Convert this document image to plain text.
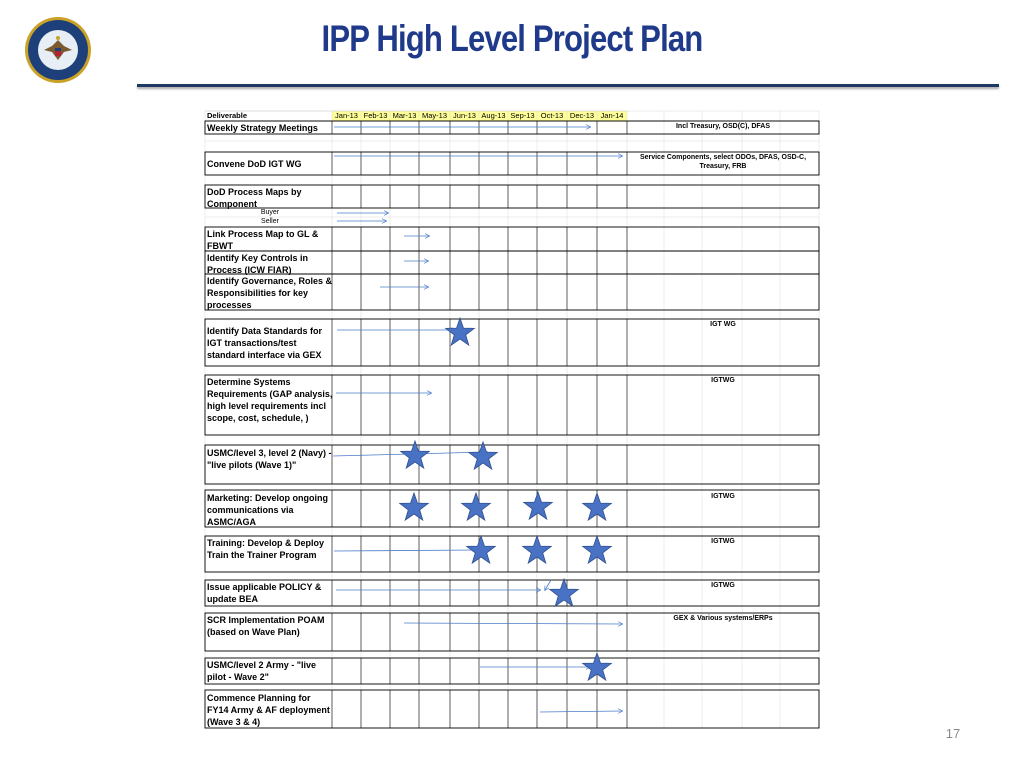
IPP High Level Project Plan
Weekly Strategy Meetings	Incl Treasury, OSD(C), DFAS
Convene DoD IGT WG
Service Components, select ODOs, DFAS, OSD-C, Treasury, FRB
DoD Process Maps by Component
Buyer
Seller
Link Process Map to GL & FBWT
Identify Key Controls in Process (ICW FIAR)
Identify Governance, Roles & Responsibilities for key processes
Identify Data Standards for IGT transactions/test standard interface via GEX
IGT WG
Determine Systems Requirements (GAP analysis, high level requirements incl scope, cost, schedule, )
IGTWG
USMC/level 3, level 2 (Navy) - "live pilots (Wave 1)"
Marketing: Develop ongoing communications via ASMC/AGA
IGTWG
Training: Develop & Deploy Train the Trainer Program
IGTWG
Issue applicable POLICY & update BEA
IGTWG
SCR Implementation POAM (based on Wave Plan)
GEX & Various systems/ERPs
USMC/level 2 Army - "live pilot - Wave 2"
Commence Planning for FY14 Army & AF deployment (Wave 3 & 4)
Deliverable	Jan-13 Feb-13 Mar-13 May-13 Jun-13 Aug-13 Sep-13 Oct-13 Dec-13 Jan-14
17
